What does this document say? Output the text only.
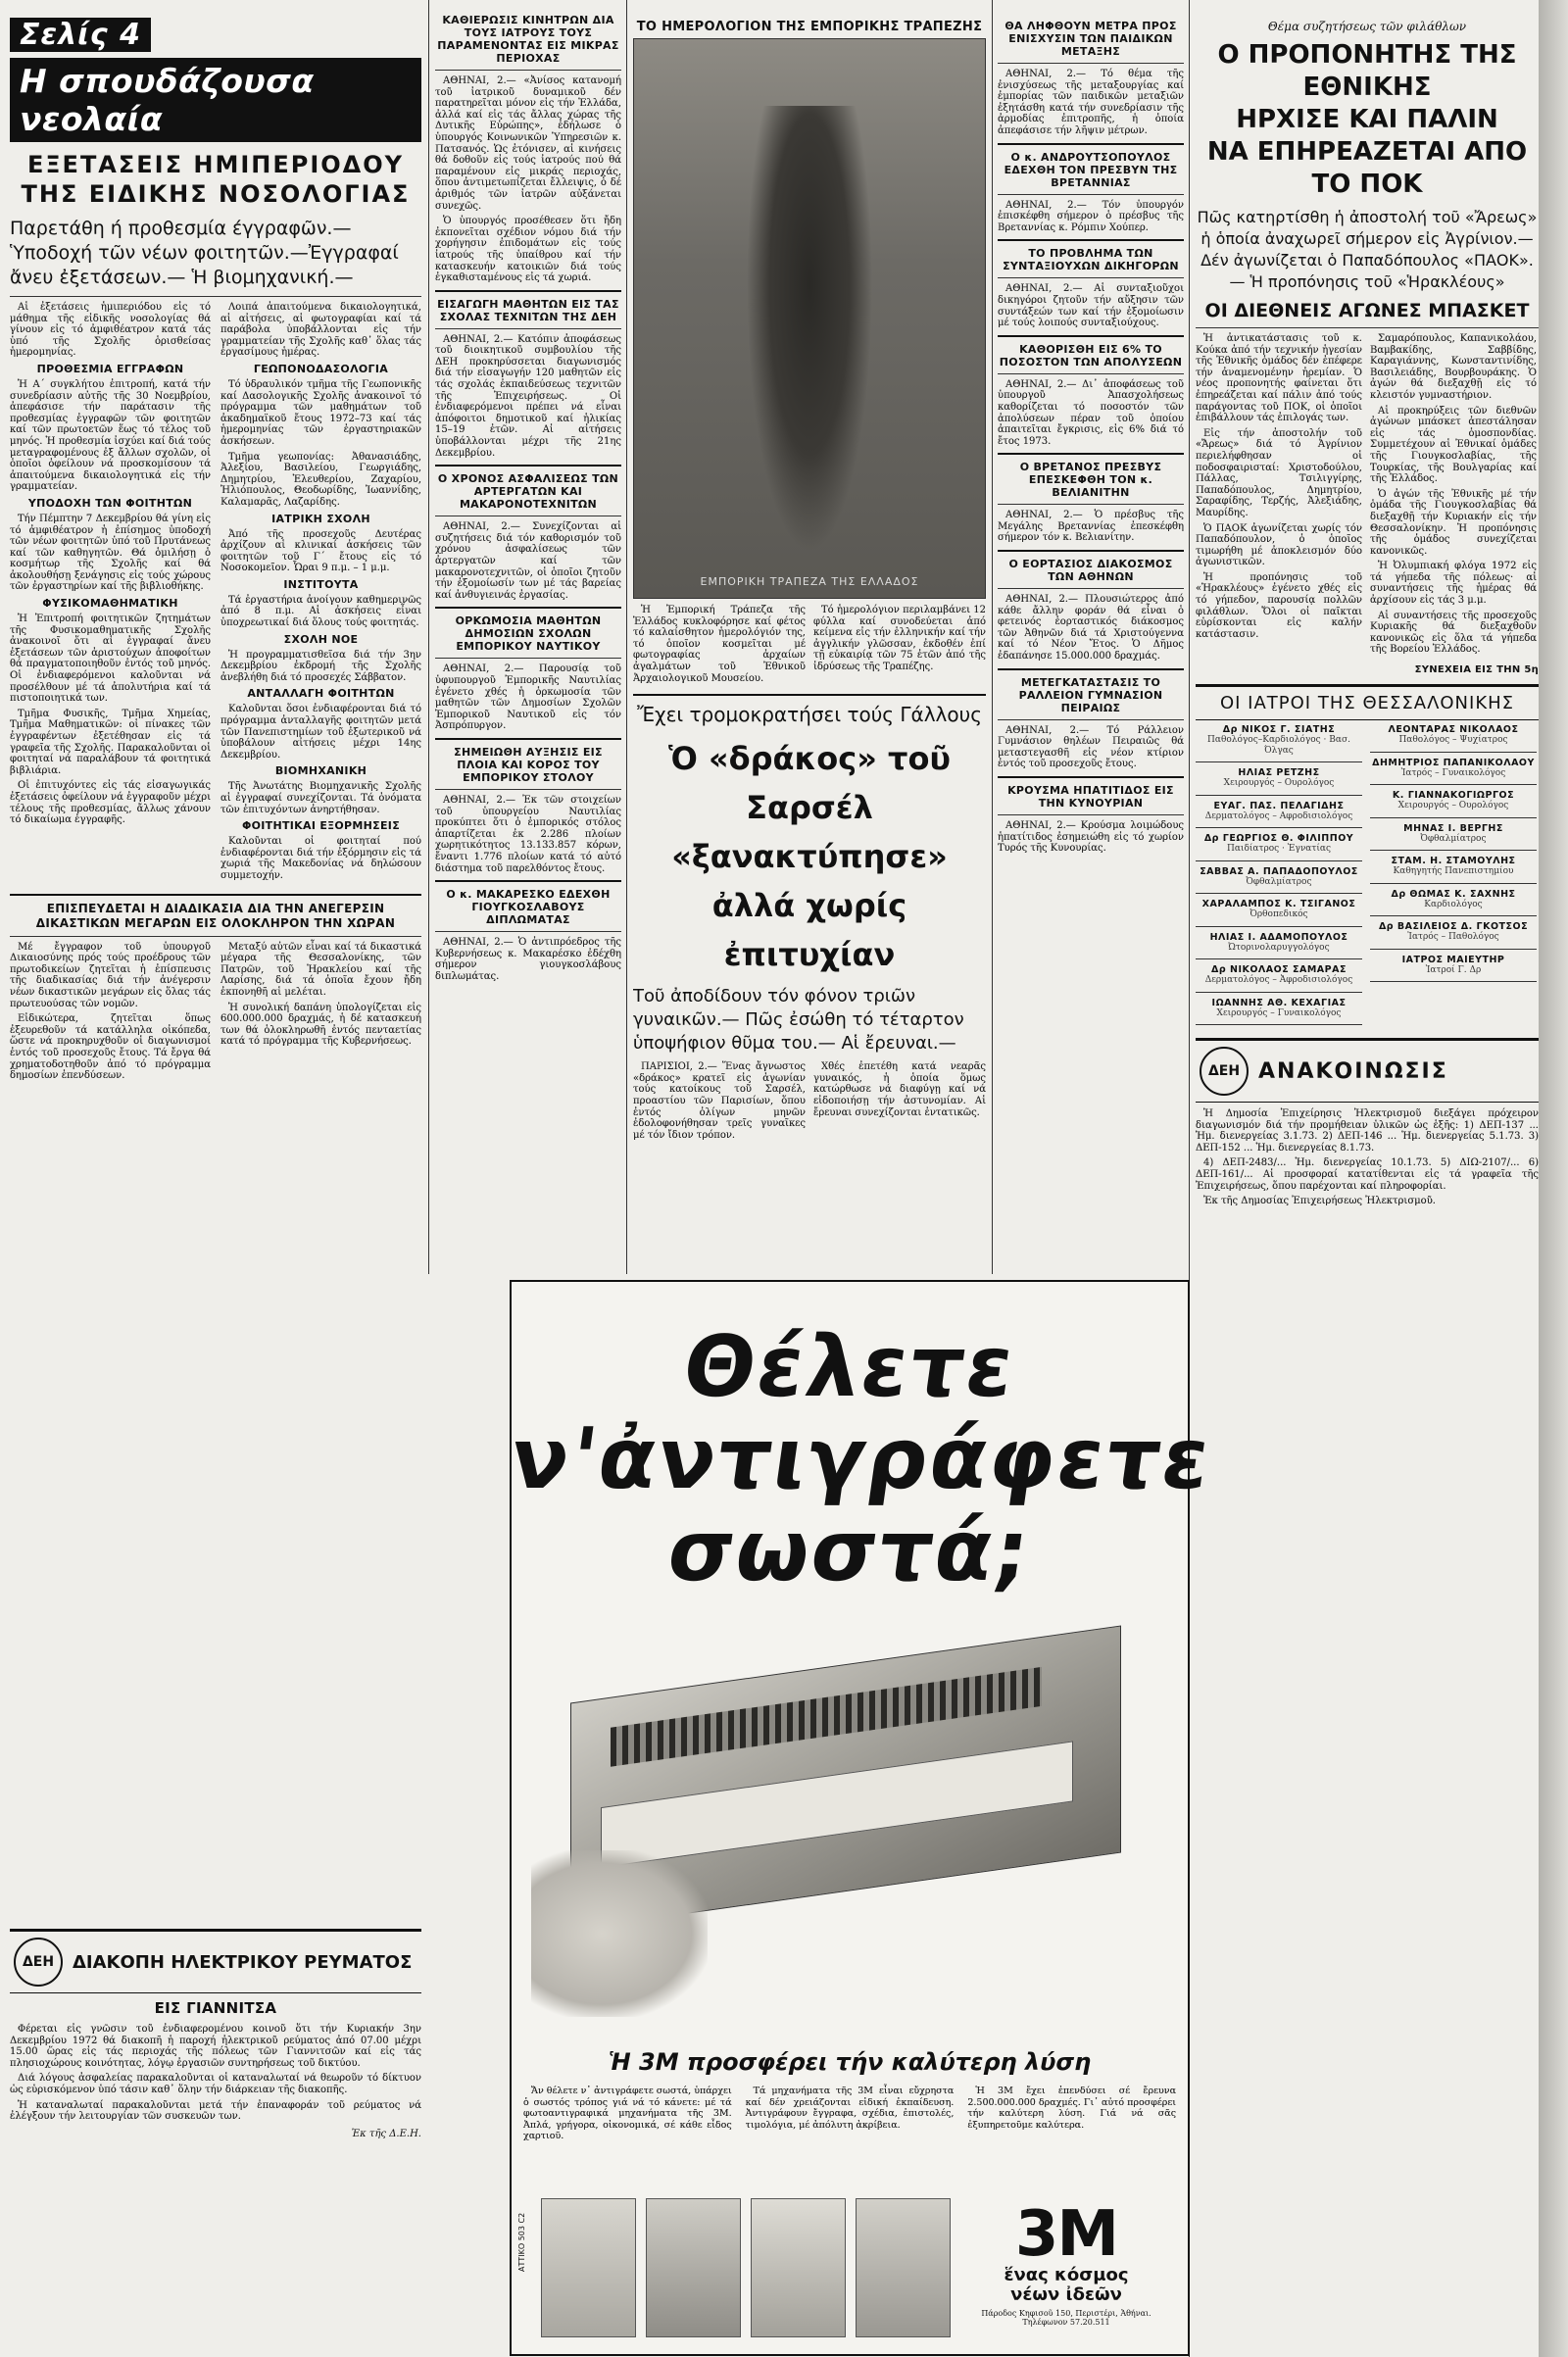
Σελίς 4
Η σπουδάζουσα νεολαία
ΕΞΕΤΑΣΕΙΣ ΗΜΙΠΕΡΙΟΔΟΥ
ΤΗΣ ΕΙΔΙΚΗΣ ΝΟΣΟΛΟΓΙΑΣ
Παρετάθη ή προθεσμία έγγραφῶν.— Ὑποδοχή τῶν νέων φοιτητῶν.—Ἐγγραφαί ἄνευ ἐξετάσεων.— Ἡ βιομηχανική.—

Αἱ ἐξετάσεις ἡμιπεριόδου εἰς τό μάθημα τῆς εἰδικῆς νοσολογίας θά γίνουν εἰς τό ἀμφιθέατρον κατά τάς ὑπό τῆς Σχολῆς ὁρισθείσας ἡμερομηνίας.

ΠΡΟΘΕΣΜΙΑ ΕΓΓΡΑΦΩΝ

Ἡ Α΄ συγκλήτου ἐπιτροπή, κατά τήν συνεδρίασιν αὐτῆς τῆς 30 Νοεμβρίου, ἀπεφάσισε τήν παράτασιν τῆς προθεσμίας ἐγγραφῶν τῶν φοιτητῶν καί τῶν πρωτοετῶν ἕως τό τέλος τοῦ μηνός. Ἡ προθεσμία ἰσχύει καί διά τούς μεταγραφομένους ἐξ ἄλλων σχολῶν, οἱ ὁποῖοι ὀφείλουν νά προσκομίσουν τά ἀπαιτούμενα δικαιολογητικά εἰς τήν γραμματείαν.

ΥΠΟΔΟΧΗ ΤΩΝ ΦΟΙΤΗΤΩΝ

Τήν Πέμπτην 7 Δεκεμβρίου θά γίνη εἰς τό ἀμφιθέατρον ἡ ἐπίσημος ὑποδοχή τῶν νέων φοιτητῶν ὑπό τοῦ Πρυτάνεως καί τῶν καθηγητῶν. Θά ὁμιλήσῃ ὁ κοσμήτωρ τῆς Σχολῆς καί θά ἀκολουθήσῃ ξενάγησις εἰς τούς χώρους τῶν ἐργαστηρίων καί τῆς βιβλιοθήκης.

ΦΥΣΙΚΟΜΑΘΗΜΑΤΙΚΗ

Ἡ Ἐπιτροπή φοιτητικῶν ζητημάτων τῆς Φυσικομαθηματικῆς Σχολῆς ἀνακοινοῖ ὅτι αἱ ἐγγραφαί ἄνευ ἐξετάσεων τῶν ἀριστούχων ἀποφοίτων θά πραγματοποιηθοῦν ἐντός τοῦ μηνός. Οἱ ἐνδιαφερόμενοι καλοῦνται νά προσέλθουν μέ τά ἀπολυτήρια καί τά πιστοποιητικά των.

Τμῆμα Φυσικῆς, Τμῆμα Χημείας, Τμῆμα Μαθηματικῶν: οἱ πίνακες τῶν ἐγγραφέντων ἐξετέθησαν εἰς τά γραφεῖα τῆς Σχολῆς. Παρακαλοῦνται οἱ φοιτηταί νά παραλάβουν τά φοιτητικά βιβλιάρια.

Οἱ ἐπιτυχόντες εἰς τάς εἰσαγωγικάς ἐξετάσεις ὀφείλουν νά ἐγγραφοῦν μέχρι τέλους τῆς προθεσμίας, ἄλλως χάνουν τό δικαίωμα ἐγγραφῆς.

Λοιπά ἀπαιτούμενα δικαιολογητικά, αἱ αἰτήσεις, αἱ φωτογραφίαι καί τά παράβολα ὑποβάλλονται εἰς τήν γραμματείαν τῆς Σχολῆς καθ᾽ ὅλας τάς ἐργασίμους ἡμέρας.

ΓΕΩΠΟΝΟΔΑΣΟΛΟΓΙΑ

Τό ὑδραυλικόν τμῆμα τῆς Γεωπονικῆς καί Δασολογικῆς Σχολῆς ἀνακοινοῖ τό πρόγραμμα τῶν μαθημάτων τοῦ ἀκαδημαϊκοῦ ἔτους 1972–73 καί τάς ἡμερομηνίας τῶν ἐργαστηριακῶν ἀσκήσεων.

Τμῆμα γεωπονίας: Ἀθανασιάδης, Ἀλεξίου, Βασιλείου, Γεωργιάδης, Δημητρίου, Ἐλευθερίου, Ζαχαρίου, Ἠλιόπουλος, Θεοδωρίδης, Ἰωαννίδης, Καλαμαρᾶς, Λαζαρίδης.

ΙΑΤΡΙΚΗ ΣΧΟΛΗ

Ἀπό τῆς προσεχοῦς Δευτέρας ἀρχίζουν αἱ κλινικαί ἀσκήσεις τῶν φοιτητῶν τοῦ Γ΄ ἔτους εἰς τό Νοσοκομεῖον. Ὧραι 9 π.μ. – 1 μ.μ.

ΙΝΣΤΙΤΟΥΤΑ

Τά ἐργαστήρια ἀνοίγουν καθημερινῶς ἀπό 8 π.μ. Αἱ ἀσκήσεις εἶναι ὑποχρεωτικαί διά ὅλους τούς φοιτητάς.

ΣΧΟΛΗ ΝΟΕ

Ἡ προγραμματισθεῖσα διά τήν 3ην Δεκεμβρίου ἐκδρομή τῆς Σχολῆς ἀνεβλήθη διά τό προσεχές Σάββατον.

ΑΝΤΑΛΛΑΓΗ ΦΟΙΤΗΤΩΝ

Καλοῦνται ὅσοι ἐνδιαφέρονται διά τό πρόγραμμα ἀνταλλαγῆς φοιτητῶν μετά τῶν Πανεπιστημίων τοῦ ἐξωτερικοῦ νά ὑποβάλουν αἰτήσεις μέχρι 14ης Δεκεμβρίου.

ΒΙΟΜΗΧΑΝΙΚΗ

Τῆς Ἀνωτάτης Βιομηχανικῆς Σχολῆς αἱ ἐγγραφαί συνεχίζονται. Τά ὀνόματα τῶν ἐπιτυχόντων ἀνηρτήθησαν.

ΦΟΙΤΗΤΙΚΑΙ ΕΞΟΡΜΗΣΕΙΣ

Καλοῦνται οἱ φοιτηταί πού ἐνδιαφέρονται διά τήν ἐξόρμησιν εἰς τά χωριά τῆς Μακεδονίας νά δηλώσουν συμμετοχήν.

ΕΠΙΣΠΕΥΔΕΤΑΙ Η ΔΙΑΔΙΚΑΣΙΑ ΔΙΑ ΤΗΝ ΑΝΕΓΕΡΣΙΝ ΔΙΚΑΣΤΙΚΩΝ ΜΕΓΑΡΩΝ ΕΙΣ ΟΛΟΚΛΗΡΟΝ ΤΗΝ ΧΩΡΑΝ

Μέ ἔγγραφον τοῦ ὑπουργοῦ Δικαιοσύνης πρός τούς προέδρους τῶν πρωτοδικείων ζητεῖται ἡ ἐπίσπευσις τῆς διαδικασίας διά τήν ἀνέγερσιν νέων δικαστικῶν μεγάρων εἰς ὅλας τάς πρωτευούσας τῶν νομῶν.

Εἰδικώτερα, ζητεῖται ὅπως ἐξευρεθοῦν τά κατάλληλα οἰκόπεδα, ὥστε νά προκηρυχθοῦν οἱ διαγωνισμοί ἐντός τοῦ προσεχοῦς ἔτους. Τά ἔργα θά χρηματοδοτηθοῦν ἀπό τό πρόγραμμα δημοσίων ἐπενδύσεων.

Μεταξύ αὐτῶν εἶναι καί τά δικαστικά μέγαρα τῆς Θεσσαλονίκης, τῶν Πατρῶν, τοῦ Ἡρακλείου καί τῆς Λαρίσης, διά τά ὁποῖα ἔχουν ἤδη ἐκπονηθῆ αἱ μελέται.

Ἡ συνολική δαπάνη ὑπολογίζεται εἰς 600.000.000 δραχμάς, ἡ δέ κατασκευή των θά ὁλοκληρωθῆ ἐντός πενταετίας κατά τό πρόγραμμα τῆς Κυβερνήσεως.

ΔΕΗ	ΔΙΑΚΟΠΗ ΗΛΕΚΤΡΙΚΟΥ ΡΕΥΜΑΤΟΣ
ΕΙΣ ΓΙΑΝΝΙΤΣΑ

Φέρεται εἰς γνῶσιν τοῦ ἐνδιαφερομένου κοινοῦ ὅτι τήν Κυριακήν 3ην Δεκεμβρίου 1972 θά διακοπῆ ἡ παροχή ἠλεκτρικοῦ ρεύματος ἀπό 07.00 μέχρι 15.00 ὥρας εἰς τάς περιοχάς τῆς πόλεως τῶν Γιαννιτσῶν καί εἰς τάς πλησιοχώρους κοινότητας, λόγῳ ἐργασιῶν συντηρήσεως τοῦ δικτύου.

Διά λόγους ἀσφαλείας παρακαλοῦνται οἱ καταναλωταί νά θεωροῦν τό δίκτυον ὡς εὑρισκόμενον ὑπό τάσιν καθ᾽ ὅλην τήν διάρκειαν τῆς διακοπῆς.

Ἡ καταναλωταί παρακαλοῦνται μετά τήν ἐπαναφοράν τοῦ ρεύματος νά ἐλέγξουν τήν λειτουργίαν τῶν συσκευῶν των.

Ἐκ τῆς Δ.Ε.Η.
ΚΑΘΙΕΡΩΣΙΣ ΚΙΝΗΤΡΩΝ ΔΙΑ ΤΟΥΣ ΙΑΤΡΟΥΣ ΤΟΥΣ ΠΑΡΑΜΕΝΟΝΤΑΣ ΕΙΣ ΜΙΚΡΑΣ ΠΕΡΙΟΧΑΣ

ΑΘΗΝΑΙ, 2.— «Ἀνίσος κατανομή τοῦ ἰατρικοῦ δυναμικοῦ δέν παρατηρεῖται μόνον εἰς τήν Ἑλλάδα, ἀλλά καί εἰς τάς ἄλλας χώρας τῆς Δυτικῆς Εὐρώπης», ἐδήλωσε ὁ ὑπουργός Κοινωνικῶν Ὑπηρεσιῶν κ. Πατσανός. Ὡς ἐτόνισεν, αἱ κινήσεις θά δοθοῦν εἰς τούς ἰατρούς πού θά παραμένουν εἰς μικράς περιοχάς, ὅπου ἀντιμετωπίζεται ἔλλειψις, ὁ δέ ἀριθμός τῶν ἰατρῶν αὐξάνεται συνεχῶς.

Ὁ ὑπουργός προσέθεσεν ὅτι ἤδη ἐκπονεῖται σχέδιον νόμου διά τήν χορήγησιν ἐπιδομάτων εἰς τούς ἰατρούς τῆς ὑπαίθρου καί τήν κατασκευήν κατοικιῶν διά τούς ἐγκαθισταμένους εἰς τά χωριά.

ΕΙΣΑΓΩΓΗ ΜΑΘΗΤΩΝ ΕΙΣ ΤΑΣ ΣΧΟΛΑΣ ΤΕΧΝΙΤΩΝ ΤΗΣ ΔΕΗ

ΑΘΗΝΑΙ, 2.— Κατόπιν ἀποφάσεως τοῦ διοικητικοῦ συμβουλίου τῆς ΔΕΗ προκηρύσσεται διαγωνισμός διά τήν εἰσαγωγήν 120 μαθητῶν εἰς τάς σχολάς ἐκπαιδεύσεως τεχνιτῶν τῆς Ἐπιχειρήσεως. Οἱ ἐνδιαφερόμενοι πρέπει νά εἶναι ἀπόφοιτοι δημοτικοῦ καί ἡλικίας 15–19 ἐτῶν. Αἱ αἰτήσεις ὑποβάλλονται μέχρι τῆς 21ης Δεκεμβρίου.

Ο ΧΡΟΝΟΣ ΑΣΦΑΛΙΣΕΩΣ ΤΩΝ ΑΡΤΕΡΓΑΤΩΝ ΚΑΙ ΜΑΚΑΡΟΝΟΤΕΧΝΙΤΩΝ

ΑΘΗΝΑΙ, 2.— Συνεχίζονται αἱ συζητήσεις διά τόν καθορισμόν τοῦ χρόνου ἀσφαλίσεως τῶν ἀρτεργατῶν καί τῶν μακαρονοτεχνιτῶν, οἱ ὁποῖοι ζητοῦν τήν ἐξομοίωσίν των μέ τάς βαρείας καί ἀνθυγιεινάς ἐργασίας.

ΟΡΚΩΜΟΣΙΑ ΜΑΘΗΤΩΝ ΔΗΜΟΣΙΩΝ ΣΧΟΛΩΝ ΕΜΠΟΡΙΚΟΥ ΝΑΥΤΙΚΟΥ

ΑΘΗΝΑΙ, 2.— Παρουσίᾳ τοῦ ὑφυπουργοῦ Ἐμπορικῆς Ναυτιλίας ἐγένετο χθές ἡ ὁρκωμοσία τῶν μαθητῶν τῶν Δημοσίων Σχολῶν Ἐμπορικοῦ Ναυτικοῦ εἰς τόν Ἀσπρόπυργον.

ΣΗΜΕΙΩΘΗ ΑΥΞΗΣΙΣ ΕΙΣ ΠΛΟΙΑ ΚΑΙ ΚΟΡΟΣ ΤΟΥ ΕΜΠΟΡΙΚΟΥ ΣΤΟΛΟΥ

ΑΘΗΝΑΙ, 2.— Ἐκ τῶν στοιχείων τοῦ ὑπουργείου Ναυτιλίας προκύπτει ὅτι ὁ ἐμπορικός στόλος ἀπαρτίζεται ἐκ 2.286 πλοίων χωρητικότητος 13.133.857 κόρων, ἔναντι 1.776 πλοίων κατά τό αὐτό διάστημα τοῦ παρελθόντος ἔτους.

Ο κ. ΜΑΚΑΡΕΣΚΟ ΕΔΕΧΘΗ ΓΙΟΥΓΚΟΣΛΑΒΟΥΣ ΔΙΠΛΩΜΑΤΑΣ

ΑΘΗΝΑΙ, 2.— Ὁ ἀντιπρόεδρος τῆς Κυβερνήσεως κ. Μακαρέσκο ἐδέχθη σήμερον γιουγκοσλάβους διπλωμάτας.

ΤΟ ΗΜΕΡΟΛΟΓΙΟΝ ΤΗΣ ΕΜΠΟΡΙΚΗΣ ΤΡΑΠΕΖΗΣ
ΕΜΠΟΡΙΚΗ ΤΡΑΠΕΖΑ ΤΗΣ ΕΛΛΑΔΟΣ

Ἡ Ἐμπορική Τράπεζα τῆς Ἑλλάδος κυκλοφόρησε καί φέτος τό καλαίσθητον ἡμερολόγιόν της, τό ὁποῖον κοσμεῖται μέ φωτογραφίας ἀρχαίων ἀγαλμάτων τοῦ Ἐθνικοῦ Ἀρχαιολογικοῦ Μουσείου.

Τό ἡμερολόγιον περιλαμβάνει 12 φύλλα καί συνοδεύεται ἀπό κείμενα εἰς τήν ἑλληνικήν καί τήν ἀγγλικήν γλῶσσαν, ἐκδοθέν ἐπί τῇ εὐκαιρίᾳ τῶν 75 ἐτῶν ἀπό τῆς ἱδρύσεως τῆς Τραπέζης.

Ἔχει τρομοκρατήσει τούς Γάλλους
Ὁ «δράκος» τοῦ Σαρσέλ
«ξανακτύπησε»
ἀλλά χωρίς ἐπιτυχίαν
Τοῦ ἀποδίδουν τόν φόνον τριῶν γυναικῶν.— Πῶς ἐσώθη τό τέταρτον ὑποψήφιον θῦμα του.— Αἱ ἔρευναι.—

ΠΑΡΙΣΙΟΙ, 2.— Ἕνας ἄγνωστος «δράκος» κρατεῖ εἰς ἀγωνίαν τούς κατοίκους τοῦ Σαρσέλ, προαστίου τῶν Παρισίων, ὅπου ἐντός ὀλίγων μηνῶν ἐδολοφονήθησαν τρεῖς γυναῖκες μέ τόν ἴδιον τρόπον.

Χθές ἐπετέθη κατά νεαρᾶς γυναικός, ἡ ὁποία ὅμως κατώρθωσε νά διαφύγῃ καί νά εἰδοποιήσῃ τήν ἀστυνομίαν. Αἱ ἔρευναι συνεχίζονται ἐντατικῶς.

ΘΑ ΛΗΦΘΟΥΝ ΜΕΤΡΑ ΠΡΟΣ ΕΝΙΣΧΥΣΙΝ ΤΩΝ ΠΑΙΔΙΚΩΝ ΜΕΤΑΞΗΣ

ΑΘΗΝΑΙ, 2.— Τό θέμα τῆς ἐνισχύσεως τῆς μεταξουργίας καί ἐμπορίας τῶν παιδικῶν μεταξιῶν ἐξητάσθη κατά τήν συνεδρίασιν τῆς ἀρμοδίας ἐπιτροπῆς, ἡ ὁποία ἀπεφάσισε τήν λῆψιν μέτρων.

Ο κ. ΑΝΔΡΟΥΤΣΟΠΟΥΛΟΣ ΕΔΕΧΘΗ ΤΟΝ ΠΡΕΣΒΥΝ ΤΗΣ ΒΡΕΤΑΝΝΙΑΣ

ΑΘΗΝΑΙ, 2.— Τόν ὑπουργόν ἐπισκέφθη σήμερον ὁ πρέσβυς τῆς Βρεταννίας κ. Ρόμπιν Χούπερ.

ΤΟ ΠΡΟΒΛΗΜΑ ΤΩΝ ΣΥΝΤΑΞΙΟΥΧΩΝ ΔΙΚΗΓΟΡΩΝ

ΑΘΗΝΑΙ, 2.— Αἱ συνταξιοῦχοι δικηγόροι ζητοῦν τήν αὔξησιν τῶν συντάξεών των καί τήν ἐξομοίωσιν μέ τούς λοιπούς συνταξιούχους.

ΚΑΘΟΡΙΣΘΗ ΕΙΣ 6% ΤΟ ΠΟΣΟΣΤΟΝ ΤΩΝ ΑΠΟΛΥΣΕΩΝ

ΑΘΗΝΑΙ, 2.— Δι᾽ ἀποφάσεως τοῦ ὑπουργοῦ Ἀπασχολήσεως καθορίζεται τό ποσοστόν τῶν ἀπολύσεων πέραν τοῦ ὁποίου ἀπαιτεῖται ἔγκρισις, εἰς 6% διά τό ἔτος 1973.

Ο ΒΡΕΤΑΝΟΣ ΠΡΕΣΒΥΣ ΕΠΕΣΚΕΦΘΗ ΤΟΝ κ. ΒΕΛΙΑΝΙΤΗΝ

ΑΘΗΝΑΙ, 2.— Ὁ πρέσβυς τῆς Μεγάλης Βρεταννίας ἐπεσκέφθη σήμερον τόν κ. Βελιανίτην.

Ο ΕΟΡΤΑΣΙΟΣ ΔΙΑΚΟΣΜΟΣ ΤΩΝ ΑΘΗΝΩΝ

ΑΘΗΝΑΙ, 2.— Πλουσιώτερος ἀπό κάθε ἄλλην φοράν θά εἶναι ὁ φετεινός ἑορταστικός διάκοσμος τῶν Ἀθηνῶν διά τά Χριστούγεννα καί τό Νέον Ἔτος. Ὁ Δῆμος ἐδαπάνησε 15.000.000 δραχμάς.

ΜΕΤΕΓΚΑΤΑΣΤΑΣΙΣ ΤΟ ΡΑΛΛΕΙΟΝ ΓΥΜΝΑΣΙΟΝ ΠΕΙΡΑΙΩΣ

ΑΘΗΝΑΙ, 2.— Τό Ράλλειον Γυμνάσιον θηλέων Πειραιῶς θά μεταστεγασθῆ εἰς νέον κτίριον ἐντός τοῦ προσεχοῦς ἔτους.

ΚΡΟΥΣΜΑ ΗΠΑΤΙΤΙΔΟΣ ΕΙΣ ΤΗΝ ΚΥΝΟΥΡΙΑΝ

ΑΘΗΝΑΙ, 2.— Κρούσμα λοιμώδους ἡπατίτιδος ἐσημειώθη εἰς τό χωρίον Τυρός τῆς Κυνουρίας.

Θέλετε
ν'ἀντιγράφετε
σωστά;
Ἡ 3Μ προσφέρει τήν καλύτερη λύση

Ἄν θέλετε ν᾽ ἀντιγράφετε σωστά, ὑπάρχει ὁ σωστός τρόπος γιά νά τό κάνετε: μέ τά φωτοαντιγραφικά μηχανήματα τῆς 3Μ. Ἀπλά, γρήγορα, οἰκονομικά, σέ κάθε εἶδος χαρτιοῦ.

Τά μηχανήματα τῆς 3Μ εἶναι εὔχρηστα καί δέν χρειάζονται εἰδική ἐκπαίδευση. Ἀντιγράφουν ἔγγραφα, σχέδια, ἐπιστολές, τιμολόγια, μέ ἀπόλυτη ἀκρίβεια.

Ἡ 3Μ ἔχει ἐπενδύσει σέ ἔρευνα 2.500.000.000 δραχμές. Γι᾽ αὐτό προσφέρει τήν καλύτερη λύση. Γιά νά σᾶς ἐξυπηρετοῦμε καλύτερα.

ΑΤΤΙΚΟ 503 C2	3M
ἕνας κόσμος
νέων ἰδεῶν
Πάροδος Κηφισοῦ 150, Περιστέρι, Ἀθήναι. Τηλέφωνον 57.20.511
Θέμα συζητήσεως τῶν φιλάθλων
Ο ΠΡΟΠΟΝΗΤΗΣ ΤΗΣ ΕΘΝΙΚΗΣ
ΗΡΧΙΣΕ ΚΑΙ ΠΑΛΙΝ
ΝΑ ΕΠΗΡΕΑΖΕΤΑΙ ΑΠΟ ΤΟ ΠΟΚ
Πῶς κατηρτίσθη ἡ ἀποστολή τοῦ «Ἄρεως» ἡ ὁποία ἀναχωρεῖ σήμερον εἰς Ἀγρίνιον.— Δέν ἀγωνίζεται ὁ Παπαδόπουλος «ΠΑΟΚ».— Ἡ προπόνησις τοῦ «Ἡρακλέους»
ΟΙ ΔΙΕΘΝΕΙΣ ΑΓΩΝΕΣ ΜΠΑΣΚΕΤ

Ἡ ἀντικατάστασις τοῦ κ. Κούκα ἀπό τήν τεχνικήν ἡγεσίαν τῆς Ἐθνικῆς ὁμάδος δέν ἐπέφερε τήν ἀναμενομένην ἠρεμίαν. Ὁ νέος προπονητής φαίνεται ὅτι ἐπηρεάζεται καί πάλιν ἀπό τούς παράγοντας τοῦ ΠΟΚ, οἱ ὁποῖοι ἐπιβάλλουν τάς ἐπιλογάς των.

Εἰς τήν ἀποστολήν τοῦ «Ἄρεως» διά τό Ἀγρίνιον περιελήφθησαν οἱ ποδοσφαιρισταί: Χριστοδούλου, Πάλλας, Τσιλιγγίρης, Παπαδόπουλος, Δημητρίου, Σαραφίδης, Τερζής, Ἀλεξιάδης, Μαυρίδης.

Ὁ ΠΑΟΚ ἀγωνίζεται χωρίς τόν Παπαδόπουλον, ὁ ὁποῖος τιμωρήθη μέ ἀποκλεισμόν δύο ἀγωνιστικῶν.

Ἡ προπόνησις τοῦ «Ἡρακλέους» ἐγένετο χθές εἰς τό γήπεδον, παρουσίᾳ πολλῶν φιλάθλων. Ὅλοι οἱ παῖκται εὑρίσκονται εἰς καλήν κατάστασιν.

Σαμαρόπουλος, Καπανικολάου, Βαμβακίδης, Σαββίδης, Καραγιάννης, Κωνσταντινίδης, Βασιλειάδης, Βουρβουράκης. Ὁ ἀγών θά διεξαχθῇ εἰς τό κλειστόν γυμναστήριον.

Αἱ προκηρύξεις τῶν διεθνῶν ἀγώνων μπάσκετ ἀπεστάλησαν εἰς τάς ὁμοσπονδίας. Συμμετέχουν αἱ Ἐθνικαί ὁμάδες τῆς Γιουγκοσλαβίας, τῆς Τουρκίας, τῆς Βουλγαρίας καί τῆς Ἑλλάδος.

Ὁ ἀγών τῆς Ἐθνικῆς μέ τήν ὁμάδα τῆς Γιουγκοσλαβίας θά διεξαχθῇ τήν Κυριακήν εἰς τήν Θεσσαλονίκην. Ἡ προπόνησις τῆς ὁμάδος συνεχίζεται κανονικῶς.

Ἡ Ὀλυμπιακή φλόγα 1972 εἰς τά γήπεδα τῆς πόλεως· αἱ συναντήσεις τῆς ἡμέρας θά ἀρχίσουν εἰς τάς 3 μ.μ.

Αἱ συναντήσεις τῆς προσεχοῦς Κυριακῆς θά διεξαχθοῦν κανονικῶς εἰς ὅλα τά γήπεδα τῆς Βορείου Ἑλλάδος.

ΣΥΝΕΧΕΙΑ ΕΙΣ ΤΗΝ 5η
ΟΙ ΙΑΤΡΟΙ ΤΗΣ ΘΕΣΣΑΛΟΝΙΚΗΣ
Δρ ΝΙΚΟΣ Γ. ΣΙΑΤΗΣ
Παθολόγος–Καρδιολόγος · Βασ. Όλγας
ΗΛΙΑΣ ΡΕΤΖΗΣ
Χειρουργός – Ουρολόγος
ΕΥΑΓ. ΠΑΣ. ΠΕΛΑΓΙΔΗΣ
Δερματολόγος – Αφροδισιολόγος
Δρ ΓΕΩΡΓΙΟΣ Θ. ΦΙΛΙΠΠΟΥ
Παιδίατρος · Ἐγνατίας
ΣΑΒΒΑΣ Α. ΠΑΠΑΔΟΠΟΥΛΟΣ
Ὀφθαλμίατρος
ΧΑΡΑΛΑΜΠΟΣ Κ. ΤΣΙΓΑΝΟΣ
Ὀρθοπεδικός
ΗΛΙΑΣ Ι. ΑΔΑΜΟΠΟΥΛΟΣ
Ὠτορινολαρυγγολόγος
Δρ ΝΙΚΟΛΑΟΣ ΣΑΜΑΡΑΣ
Δερματολόγος – Ἀφροδισιολόγος
ΙΩΑΝΝΗΣ ΑΘ. ΚΕΧΑΓΙΑΣ
Χειρουργός – Γυναικολόγος
ΛΕΟΝΤΑΡΑΣ ΝΙΚΟΛΑΟΣ
Παθολόγος – Ψυχίατρος
ΔΗΜΗΤΡΙΟΣ ΠΑΠΑΝΙΚΟΛΑΟΥ
Ἰατρός – Γυναικολόγος
Κ. ΓΙΑΝΝΑΚΟΓΙΩΡΓΟΣ
Χειρουργός – Ουρολόγος
ΜΗΝΑΣ Ι. ΒΕΡΓΗΣ
Ὀφθαλμίατρος
ΣΤΑΜ. Η. ΣΤΑΜΟΥΛΗΣ
Καθηγητής Πανεπιστημίου
Δρ ΘΩΜΑΣ Κ. ΣΑΧΝΗΣ
Καρδιολόγος
Δρ ΒΑΣΙΛΕΙΟΣ Δ. ΓΚΟΤΣΟΣ
Ἰατρός – Παθολόγος
ΙΑΤΡΟΣ ΜΑΙΕΥΤΗΡ
Ἰατροί Γ. Δρ
ΔΕΗ ΑΝΑΚΟΙΝΩΣΙΣ

Ἡ Δημοσία Ἐπιχείρησις Ἠλεκτρισμοῦ διεξάγει πρόχειρον διαγωνισμόν διά τήν προμήθειαν ὑλικῶν ὡς ἑξῆς: 1) ΔΕΠ-137 ... Ἡμ. διενεργείας 3.1.73. 2) ΔΕΠ-146 ... Ἡμ. διενεργείας 5.1.73. 3) ΔΕΠ-152 ... Ἡμ. διενεργείας 8.1.73.

4) ΔΕΠ-2483/... Ἡμ. διενεργείας 10.1.73. 5) ΔΙΩ-2107/... 6) ΔΕΠ-161/... Αἱ προσφοραί κατατίθενται εἰς τά γραφεῖα τῆς Ἐπιχειρήσεως, ὅπου παρέχονται καί πληροφορίαι.

Ἐκ τῆς Δημοσίας Ἐπιχειρήσεως Ἠλεκτρισμοῦ.
